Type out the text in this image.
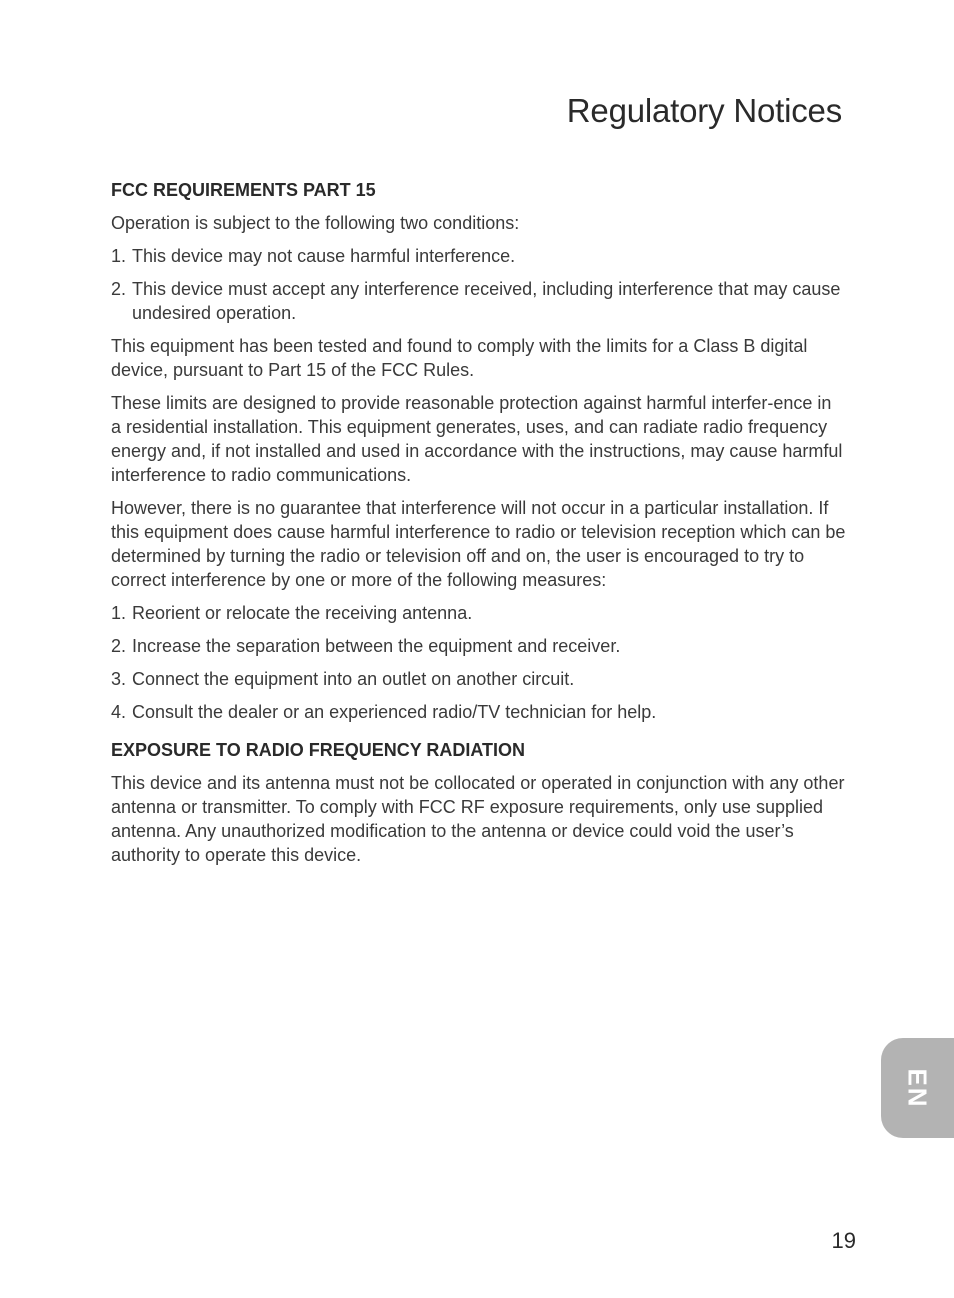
Regulatory Notices
FCC REQUIREMENTS PART 15

Operation is subject to the following two conditions:

1. This device may not cause harmful interference.
2. This device must accept any interference received, including interference that may cause undesired operation.

This equipment has been tested and found to comply with the limits for a Class B digital device, pursuant to Part 15 of the FCC Rules.

These limits are designed to provide reasonable protection against harmful interfer-ence in a residential installation. This equipment generates, uses, and can radiate radio frequency energy and, if not installed and used in accordance with the instructions, may cause harmful interference to radio communications.

However, there is no guarantee that interference will not occur in a particular installation. If this equipment does cause harmful interference to radio or television reception which can be determined by turning the radio or television off and on, the user is encouraged to try to correct interference by one or more of the following measures:

1. Reorient or relocate the receiving antenna.
2. Increase the separation between the equipment and receiver.
3. Connect the equipment into an outlet on another circuit.
4. Consult the dealer or an experienced radio/TV technician for help.
EXPOSURE TO RADIO FREQUENCY RADIATION

This device and its antenna must not be collocated or operated in conjunction with any other antenna or transmitter. To comply with FCC RF exposure requirements, only use supplied antenna. Any unauthorized modification to the antenna or device could void the user’s authority to operate this device.

EN
19
